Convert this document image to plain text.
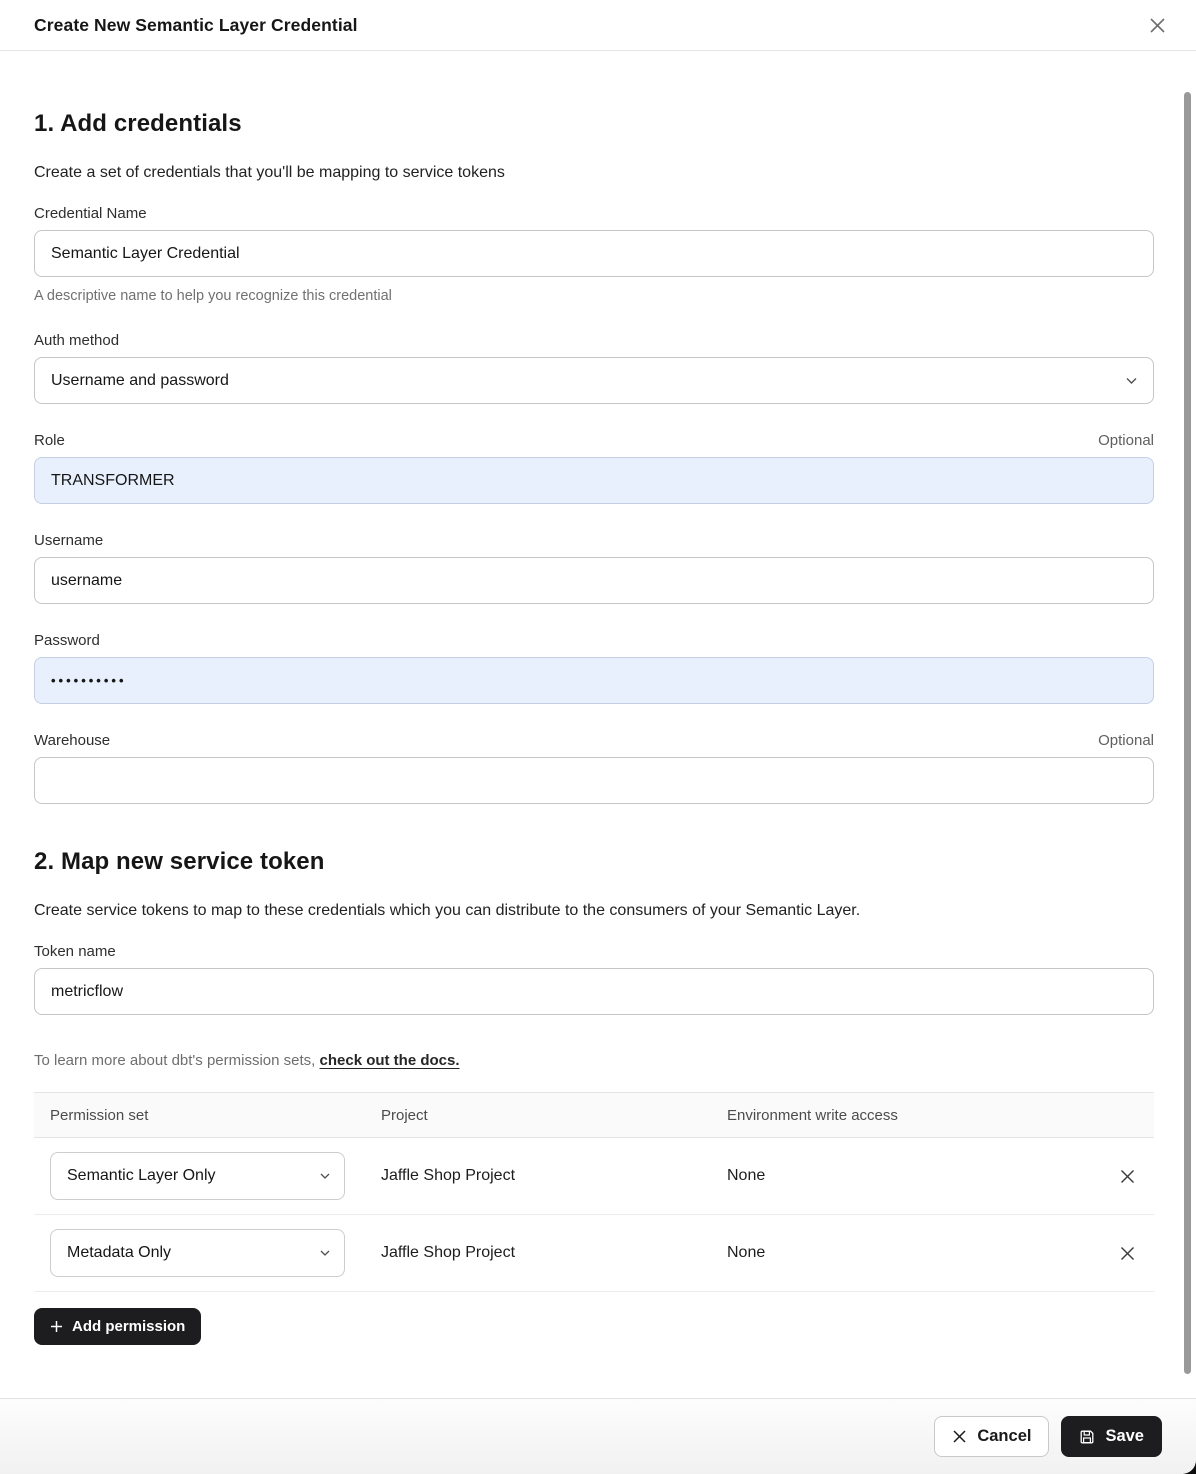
Create New Semantic Layer Credential
1. Add credentials
Create a set of credentials that you'll be mapping to service tokens
Credential Name
Semantic Layer Credential
A descriptive name to help you recognize this credential
Auth method
Username and password
Role	Optional
TRANSFORMER
Username
username
Password
••••••••••
Warehouse	Optional
2. Map new service token
Create service tokens to map to these credentials which you can distribute to the consumers of your Semantic Layer.
Token name
metricflow
To learn more about dbt's permission sets, check out the docs.
Permission set	Project	Environment write access
Semantic Layer Only	Jaffle Shop Project	None
Metadata Only	Jaffle Shop Project	None
Add permission
Cancel	Save
